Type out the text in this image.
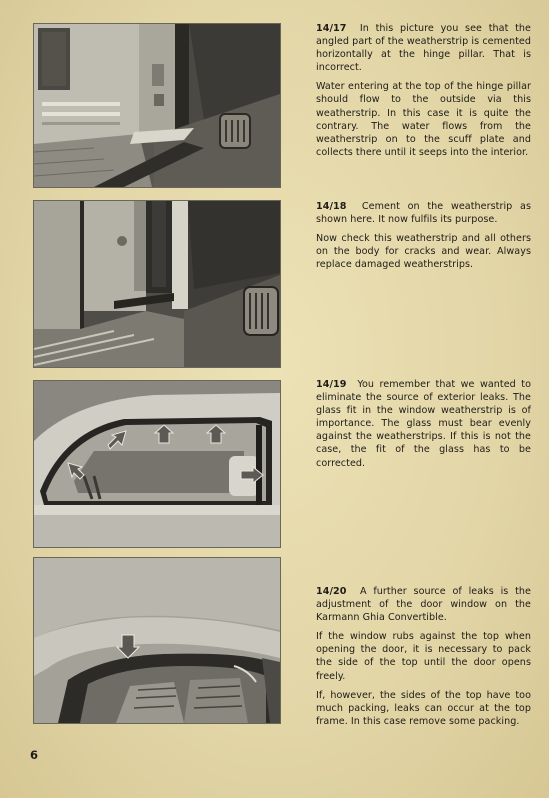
14/17 In this picture you see that the angled part of the weatherstrip is cemented horizontally at the hinge pillar. That is incorrect.

Water entering at the top of the hinge pillar should flow to the outside via this weatherstrip. In this case it is quite the contrary. The water flows from the weatherstrip on to the scuff plate and collects there until it seeps into the interior.

14/18 Cement on the weatherstrip as shown here. It now fulfils its purpose.

Now check this weatherstrip and all others on the body for cracks and wear. Always replace damaged weatherstrips.

14/19 You remember that we wanted to eliminate the source of exterior leaks. The glass fit in the window weatherstrip is of importance. The glass must bear evenly against the weatherstrips. If this is not the case, the fit of the glass has to be corrected.

14/20 A further source of leaks is the adjustment of the door window on the Karmann Ghia Convertible.

If the window rubs against the top when opening the door, it is necessary to pack the side of the top until the door opens freely.

If, however, the sides of the top have too much packing, leaks can occur at the top frame. In this case remove some packing.

6
